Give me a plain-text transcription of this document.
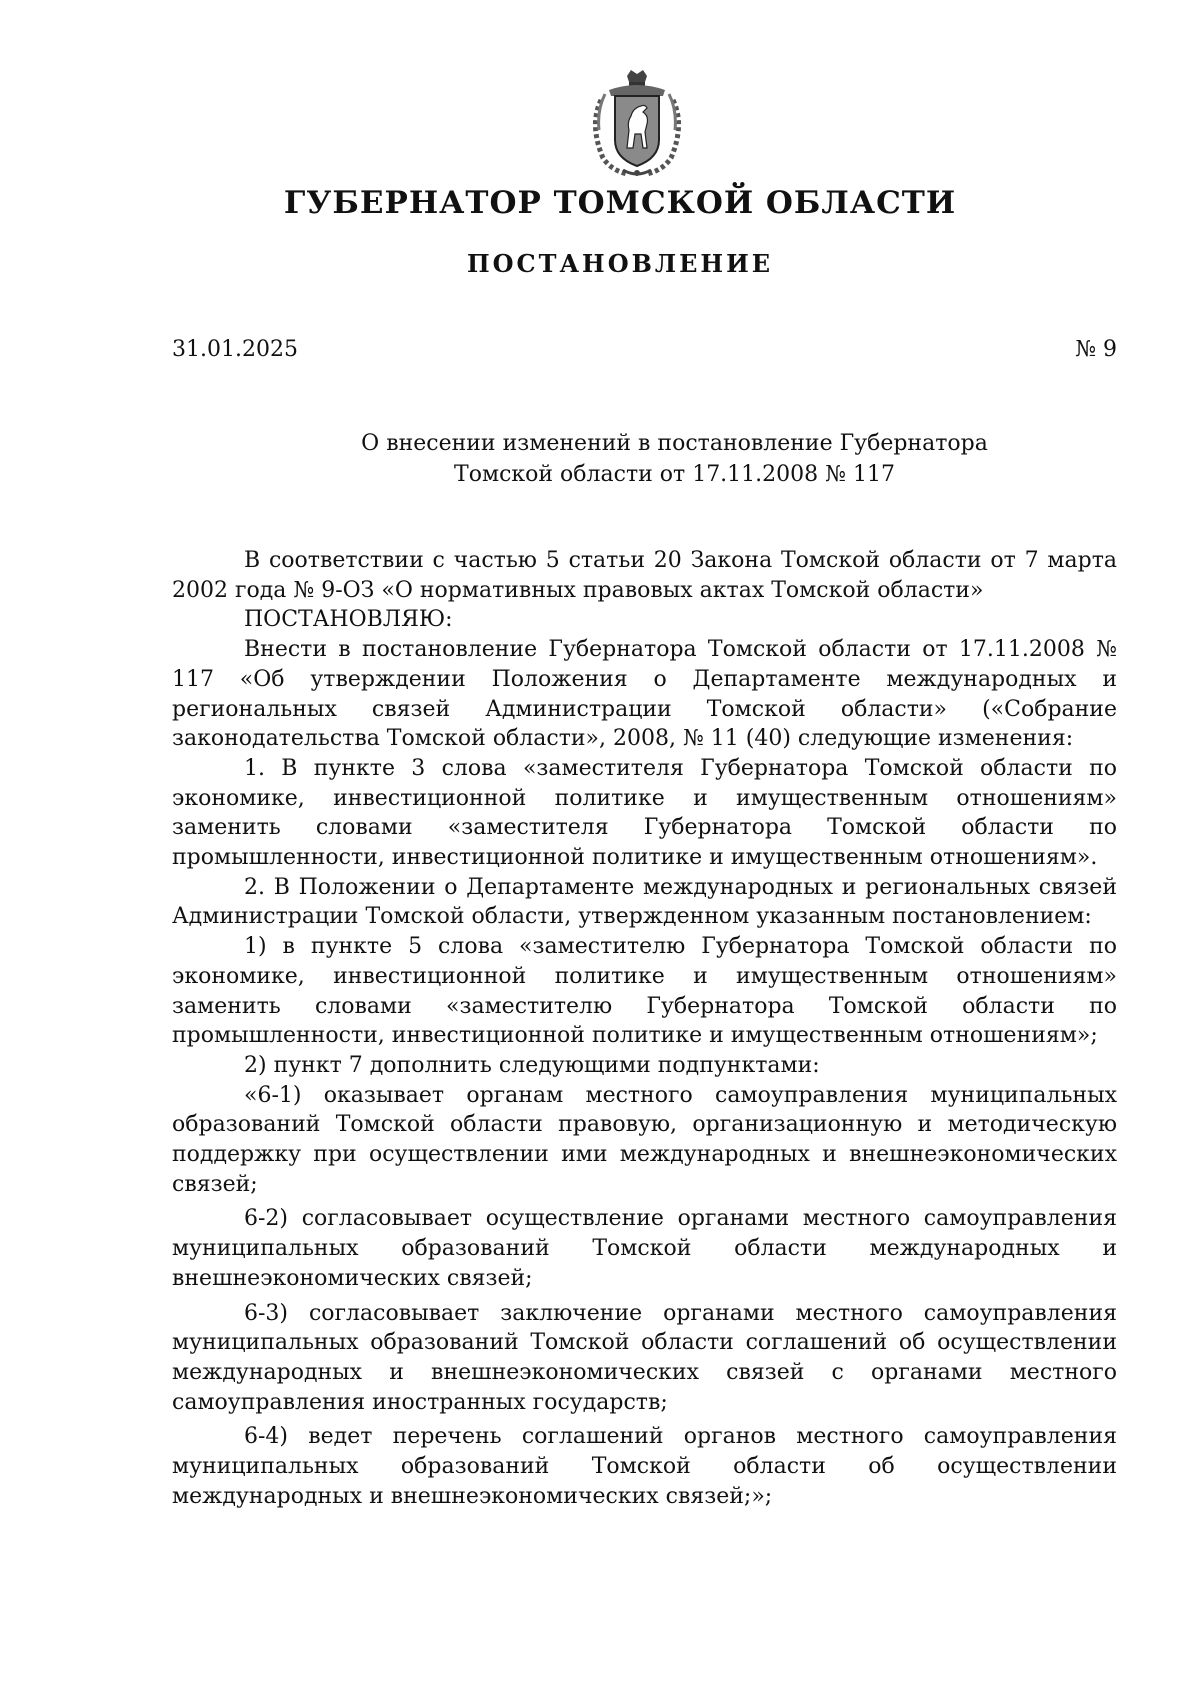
ГУБЕРНАТОР ТОМСКОЙ ОБЛАСТИ
ПОСТАНОВЛЕНИЕ
31.01.2025	№ 9
О внесении изменений в постановление Губернатора
Томской области от 17.11.2008 № 117

В соответствии с частью 5 статьи 20 Закона Томской области от 7 марта 2002 года № 9-ОЗ «О нормативных правовых актах Томской области»

ПОСТАНОВЛЯЮ:

Внести в постановление Губернатора Томской области от 17.11.2008 № 117 «Об утверждении Положения о Департаменте международных и региональных связей Администрации Томской области» («Собрание законодательства Томской области», 2008, № 11 (40) следующие изменения:

1. В пункте 3 слова «заместителя Губернатора Томской области по экономике, инвестиционной политике и имущественным отношениям» заменить словами «заместителя Губернатора Томской области по промышленности, инвестиционной политике и имущественным отношениям».

2. В Положении о Департаменте международных и региональных связей Администрации Томской области, утвержденном указанным постановлением:

1) в пункте 5 слова «заместителю Губернатора Томской области по экономике, инвестиционной политике и имущественным отношениям» заменить словами «заместителю Губернатора Томской области по промышленности, инвестиционной политике и имущественным отношениям»;

2) пункт 7 дополнить следующими подпунктами:

«6-1) оказывает органам местного самоуправления муниципальных образований Томской области правовую, организационную и методическую поддержку при осуществлении ими международных и внешнеэкономических связей;

6-2) согласовывает осуществление органами местного самоуправления муниципальных образований Томской области международных и внешнеэкономических связей;

6-3) согласовывает заключение органами местного самоуправления муниципальных образований Томской области соглашений об осуществлении международных и внешнеэкономических связей с органами местного самоуправления иностранных государств;

6-4) ведет перечень соглашений органов местного самоуправления муниципальных образований Томской области об осуществлении международных и внешнеэкономических связей;»;
